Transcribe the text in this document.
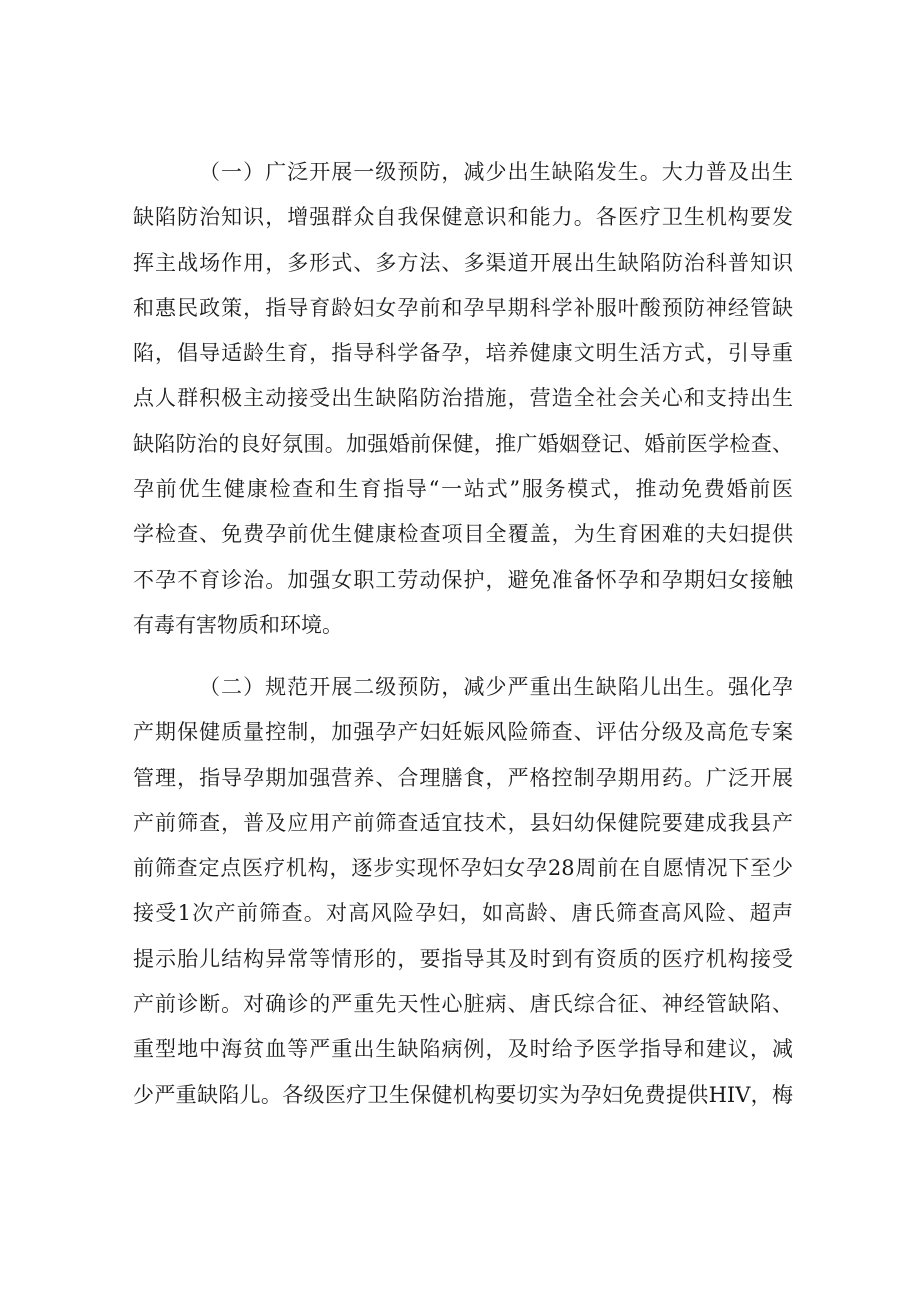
（一）广泛开展一级预防，减少出生缺陷发生。大力普及出生
缺陷防治知识，增强群众自我保健意识和能力。各医疗卫生机构要发
挥主战场作用，多形式、多方法、多渠道开展出生缺陷防治科普知识
和惠民政策，指导育龄妇女孕前和孕早期科学补服叶酸预防神经管缺
陷，倡导适龄生育，指导科学备孕，培养健康文明生活方式，引导重
点人群积极主动接受出生缺陷防治措施，营造全社会关心和支持出生
缺陷防治的良好氛围。加强婚前保健，推广婚姻登记、婚前医学检查、
孕前优生健康检查和生育指导“一站式”服务模式，推动免费婚前医
学检查、免费孕前优生健康检查项目全覆盖，为生育困难的夫妇提供
不孕不育诊治。加强女职工劳动保护，避免准备怀孕和孕期妇女接触
有毒有害物质和环境。
（二）规范开展二级预防，减少严重出生缺陷儿出生。强化孕
产期保健质量控制，加强孕产妇妊娠风险筛查、评估分级及高危专案
管理，指导孕期加强营养、合理膳食，严格控制孕期用药。广泛开展
产前筛查，普及应用产前筛查适宜技术，县妇幼保健院要建成我县产
前筛查定点医疗机构，逐步实现怀孕妇女孕28周前在自愿情况下至少
接受1次产前筛查。对高风险孕妇，如高龄、唐氏筛查高风险、超声
提示胎儿结构异常等情形的，要指导其及时到有资质的医疗机构接受
产前诊断。对确诊的严重先天性心脏病、唐氏综合征、神经管缺陷、
重型地中海贫血等严重出生缺陷病例，及时给予医学指导和建议，减
少严重缺陷儿。各级医疗卫生保健机构要切实为孕妇免费提供HIV，梅
